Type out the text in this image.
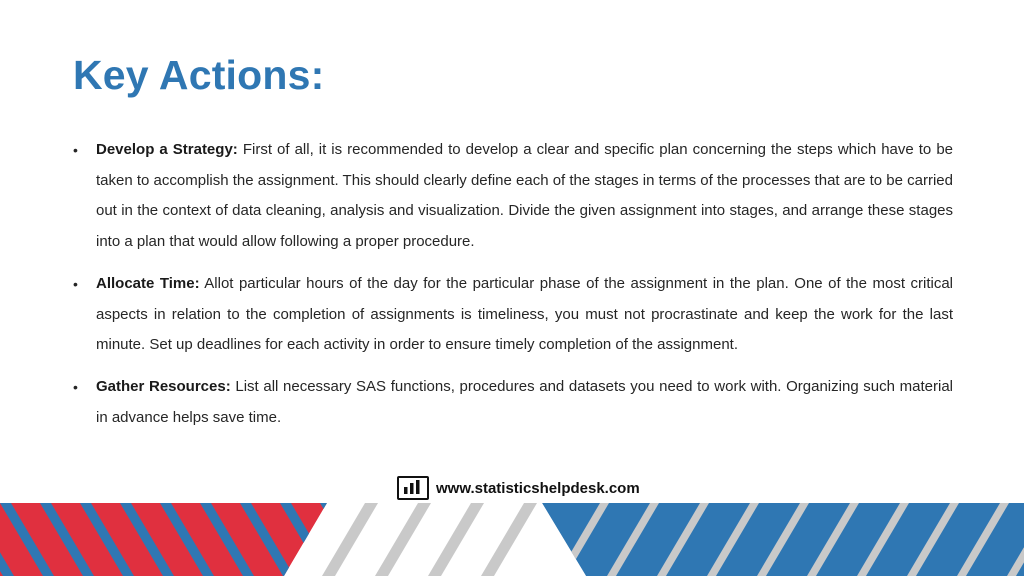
Key Actions:
• Develop a Strategy: First of all, it is recommended to develop a clear and specific plan concerning the steps which have to be taken to accomplish the assignment. This should clearly define each of the stages in terms of the processes that are to be carried out in the context of data cleaning, analysis and visualization. Divide the given assignment into stages, and arrange these stages into a plan that would allow following a proper procedure.
• Allocate Time: Allot particular hours of the day for the particular phase of the assignment in the plan. One of the most critical aspects in relation to the completion of assignments is timeliness, you must not procrastinate and keep the work for the last minute. Set up deadlines for each activity in order to ensure timely completion of the assignment.
• Gather Resources: List all necessary SAS functions, procedures and datasets you need to work with. Organizing such material in advance helps save time.
www.statisticshelpdesk.com
